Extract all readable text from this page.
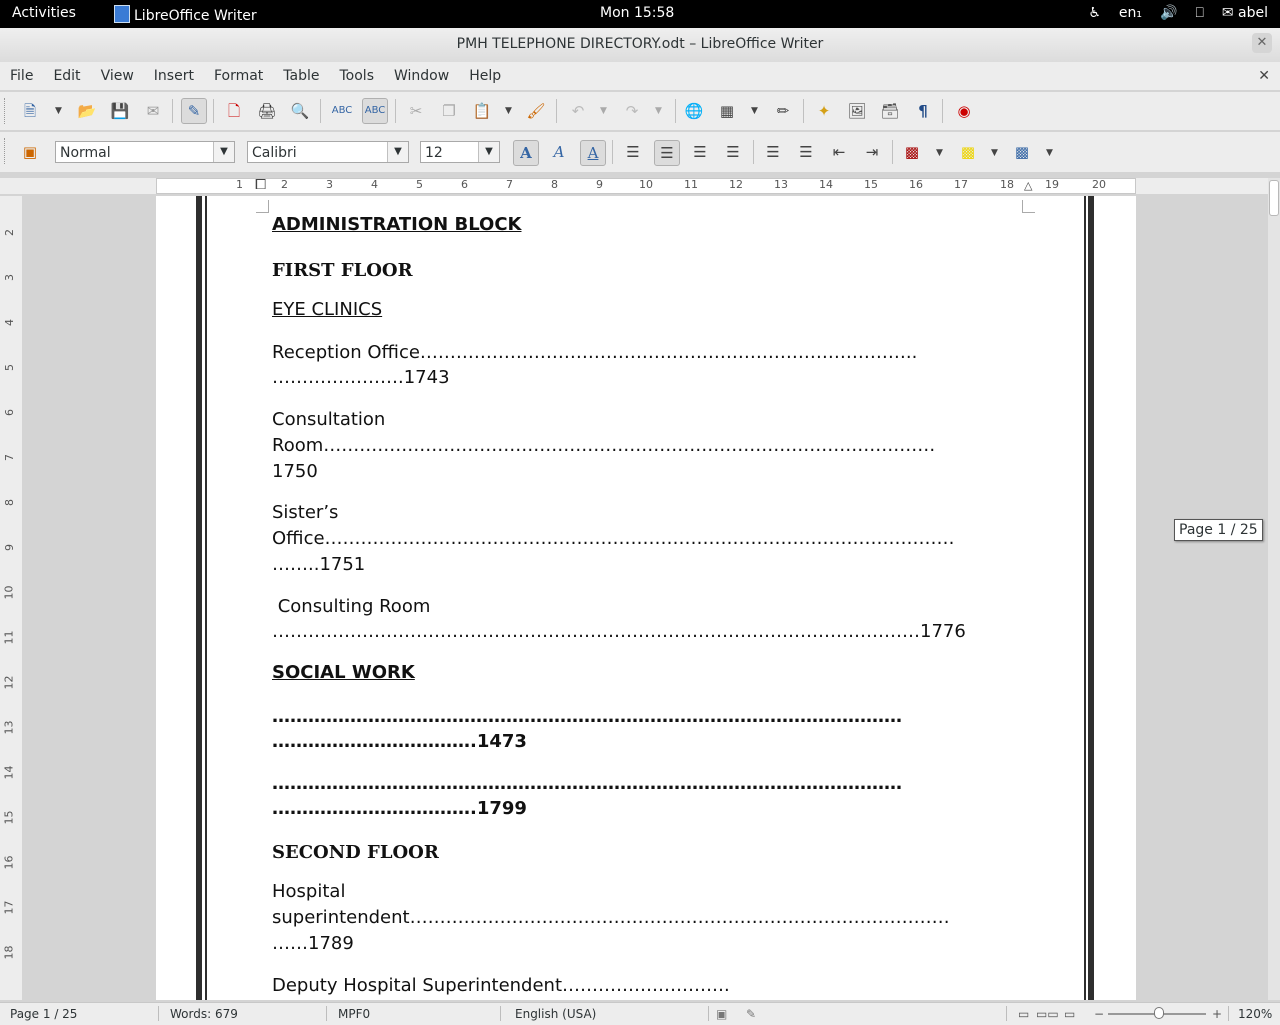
Activities	LibreOffice Writer	Mon 15:58	♿ en₁ 🔊 ⎕ ✉ abel
PMH TELEPHONE DIRECTORY.odt – LibreOffice Writer	✕
File	Edit	View	Insert	Format	Table	Tools	Window	Help	✕
🗎	▼ 📂 💾	✉	✎	🗋	🖨 🔍 ABC ABC	✂	❐	📋 ▼ 🖌	↶	▼	↷	▼ 🌐	▦	▼	✏	✦	🖼 🗃	¶	◉
▣	Normal	▼	Calibri	▼	12	▼	A	A	A	☰	☰	☰	☰	☰	☰	⇤	⇥	▩	▼	▩	▼	▩	▼
1	2	3	4	5	6	7	8	9	10	11	12	13	14	15	16	17	18	19	20
⧠	△
2
3
4
5
6
7
8
9
10
11
12
13
14
15
16
17
18
ADMINISTRATION BLOCK
FIRST FLOOR
EYE CLINICS
Reception Office………………………………………………………………………..
………………….1743
Consultation
Room…………………………………………………………………………………………
1750
Sister’s
Office……………………………………………………………………………………………
……..1751
Consulting Room
………………………………………………………………………………………………1776
SOCIAL WORK
……………………………………………………………………………………………
…………………………….1473
……………………………………………………………………………………………
…………………………….1799
SECOND FLOOR
Hospital
superintendent………………………………………………………………………………
……1789
Deputy Hospital Superintendent……………………….
Page 1 / 25
Page 1 / 25	Words: 679	MPF0	English (USA)	▣ ✎	▭ ▭▭ ▭ −	+ 120%
